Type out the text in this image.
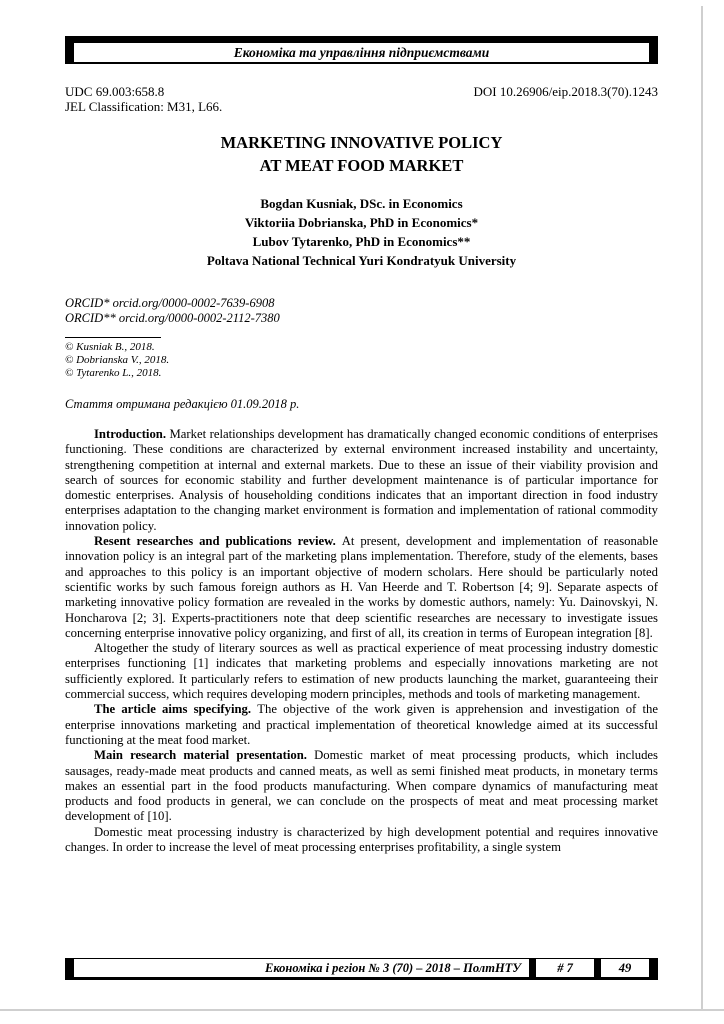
Економіка та управління підприємствами
UDC 69.003:658.8
JEL Classification: M31, L66.
DOI 10.26906/eip.2018.3(70).1243
MARKETING INNOVATIVE POLICY
AT MEAT FOOD MARKET
Bogdan Kusniak, DSc. in Economics
Viktoriia Dobrianska, PhD in Economics*
Lubov Tytarenko, PhD in Economics**
Poltava National Technical Yuri Kondratyuk University
ORCID* orcid.org/0000-0002-7639-6908
ORCID** orcid.org/0000-0002-2112-7380
© Kusniak B., 2018.
© Dobrianska V., 2018.
© Tytarenko L., 2018.
Стаття отримана редакцією 01.09.2018 р.

Introduction. Market relationships development has dramatically changed economic conditions of enterprises functioning. These conditions are characterized by external environment increased instability and uncertainty, strengthening competition at internal and external markets. Due to these an issue of their viability provision and search of sources for economic stability and further development maintenance is of particular importance for domestic enterprises. Analysis of householding conditions indicates that an important direction in food industry enterprises adaptation to the changing market environment is formation and implementation of rational commodity innovation policy.

Resent researches and publications review. At present, development and implementation of reasonable innovation policy is an integral part of the marketing plans implementation. Therefore, study of the elements, bases and approaches to this policy is an important objective of modern scholars. Here should be particularly noted scientific works by such famous foreign authors as H. Van Heerde and T. Robertson [4; 9]. Separate aspects of marketing innovative policy formation are revealed in the works by domestic authors, namely: Yu. Dainovskyi, N. Honcharova [2; 3]. Experts-practitioners note that deep scientific researches are necessary to investigate issues concerning enterprise innovative policy organizing, and first of all, its creation in terms of European integration [8].

Altogether the study of literary sources as well as practical experience of meat processing industry domestic enterprises functioning [1] indicates that marketing problems and especially innovations marketing are not sufficiently explored. It particularly refers to estimation of new products launching the market, guaranteeing their commercial success, which requires developing modern principles, methods and tools of marketing management.

The article aims specifying. The objective of the work given is apprehension and investigation of the enterprise innovations marketing and practical implementation of theoretical knowledge aimed at its successful functioning at the meat food market.

Main research material presentation. Domestic market of meat processing products, which includes sausages, ready-made meat products and canned meats, as well as semi finished meat products, in monetary terms makes an essential part in the food products manufacturing. When compare dynamics of manufacturing meat products and food products in general, we can conclude on the prospects of meat and meat processing market development of [10].

Domestic meat processing industry is characterized by high development potential and requires innovative changes. In order to increase the level of meat processing enterprises profitability, a single system

Економіка і регіон № 3 (70) – 2018 – ПолтНТУ	# 7	49
